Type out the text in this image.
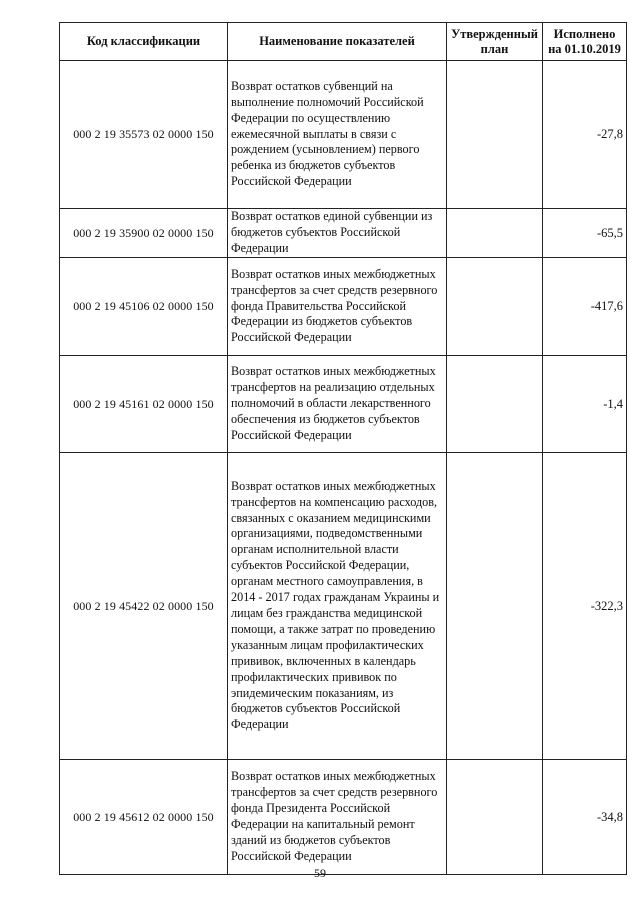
Код классификации	Наименование показателей	Утвержденный план	Исполнено на 01.10.2019
000 2 19 35573 02 0000 150	Возврат остатков субвенций на выполнение полномочий Российской Федерации по осуществлению ежемесячной выплаты в связи с рождением (усыновлением) первого ребенка из бюджетов субъектов Российской Федерации		-27,8
000 2 19 35900 02 0000 150	Возврат остатков единой субвенции из бюджетов субъектов Российской Федерации		-65,5
000 2 19 45106 02 0000 150	Возврат остатков иных межбюджетных трансфертов за счет средств резервного фонда Правительства Российской Федерации из бюджетов субъектов Российской Федерации		-417,6
000 2 19 45161 02 0000 150	Возврат остатков иных межбюджетных трансфертов на реализацию отдельных полномочий в области лекарственного обеспечения из бюджетов субъектов Российской Федерации		-1,4
000 2 19 45422 02 0000 150	Возврат остатков иных межбюджетных трансфертов на компенсацию расходов, связанных с оказанием медицинскими организациями, подведомственными органам исполнительной власти субъектов Российской Федерации, органам местного самоуправления, в 2014 - 2017 годах гражданам Украины и лицам без гражданства медицинской помощи, а также затрат по проведению указанным лицам профилактических прививок, включенных в календарь профилактических прививок по эпидемическим показаниям, из бюджетов субъектов Российской Федерации		-322,3
000 2 19 45612 02 0000 150	Возврат остатков иных межбюджетных трансфертов за счет средств резервного фонда Президента Российской Федерации на капитальный ремонт зданий из бюджетов субъектов Российской Федерации		-34,8
59
